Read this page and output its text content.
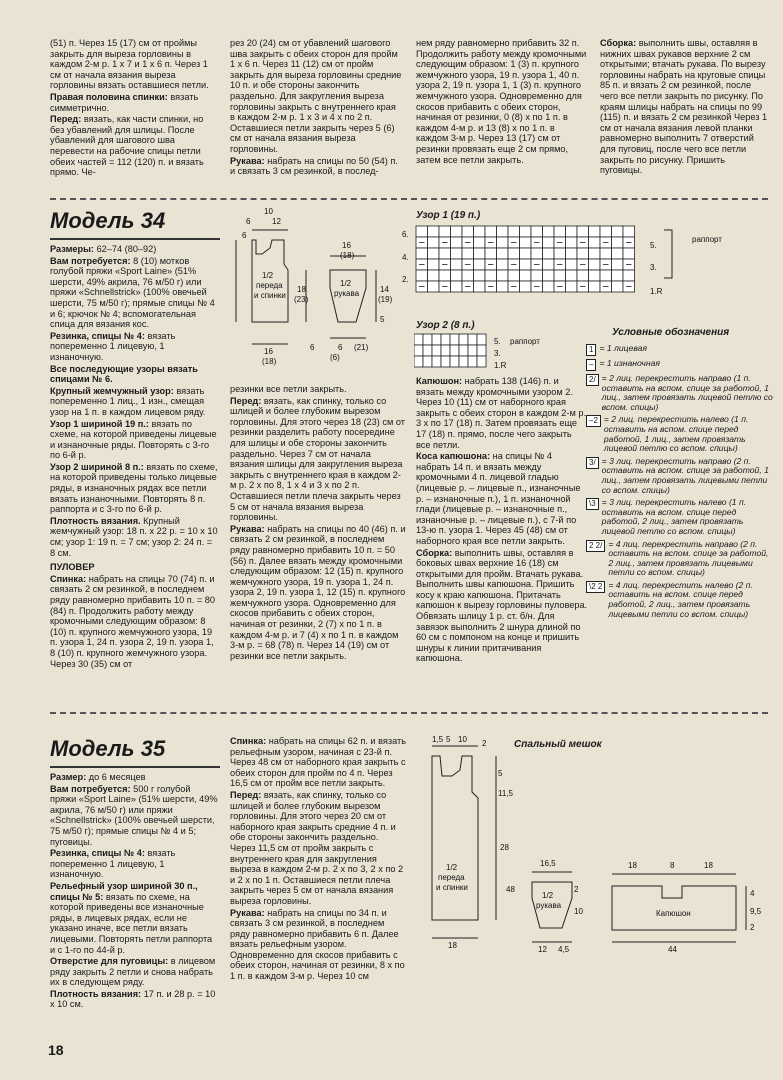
(51) п. Через 15 (17) см от проймы закрыть для выреза горловины в каждом 2-м р. 1 x 7 и 1 x 6 п. Через 1 см от начала вязания выреза горловины вязать оставшиеся петли.

Правая половина спинки: вязать симметрично.

Перед: вязать, как части спинки, но без убавлений для шлицы. После убавлений для шагового шва перевести на рабочие спицы петли обеих частей = 112 (120) п. и вязать прямо. Че-

рез 20 (24) см от убавлений шагового шва закрыть с обеих сторон для пройм 1 x 6 п. Через 11 (12) см от пройм закрыть для выреза горловины средние 10 п. и обе стороны закончить раздельно. Для закругления выреза горловины закрыть с внутреннего края в каждом 2-м р. 1 x 3 и 4 x по 2 п. Оставшиеся петли закрыть через 5 (6) см от начала вязания выреза горловины.

Рукава: набрать на спицы по 50 (54) п. и связать 3 см резинкой, в послед-

нем ряду равномерно прибавить 32 п. Продолжить работу между кромочными следующим образом: 1 (3) п. крупного жемчужного узора, 19 п. узора 1, 40 п. узора 2, 19 п. узора 1, 1 (3) п. крупного жемчужного узора. Одновременно для скосов прибавить с обеих сторон, начиная от резинки, 0 (8) x по 1 п. в каждом 4-м р. и 13 (8) x по 1 п. в каждом 3-м р. Через 13 (17) см от резинки провязать еще 2 см прямо, затем все петли закрыть.

Сборка: выполнить швы, оставляя в нижних швах рукавов верхние 2 см открытыми; втачать рукава. По вырезу горловины набрать на круговые спицы 85 п. и вязать 2 см резинкой, после чего все петли закрыть по рисунку. По краям шлицы набрать на спицы по 99 (115) п. и вязать 2 см резинкой Через 1 см от начала вязания левой планки равномерно выполнить 7 отверстий для пуговиц, после чего все петли закрыть по рисунку. Пришить пуговицы.

Модель 34

Размеры: 62–74 (80–92)

Вам потребуется: 8 (10) мотков голубой пряжи «Sport Laine» (51% шерсти, 49% акрила, 76 м/50 г) или пряжи «Schnellstrick» (100% овечьей шерсти, 75 м/50 г); прямые спицы № 4 и 6; крючок № 4; вспомогательная спица для вязания кос.

Резинка, спицы № 4: вязать попеременно 1 лицевую, 1 изнаночную.

Все последующие узоры вязать спицами № 6.

Крупный жемчужный узор: вязать попеременно 1 лиц., 1 изн., смещая узор на 1 п. в каждом лицевом ряду.

Узор 1 шириной 19 п.: вязать по схеме, на которой приведены лицевые и изнаночные ряды. Повторять с 3-го по 6-й р.

Узор 2 шириной 8 п.: вязать по схеме, на которой приведены только лицевые ряды, в изнаночных рядах все петли вязать изнаночными. Повторять 8 п. раппорта и с 3-го по 6-й р.

Плотность вязания. Крупный жемчужный узор: 18 п. x 22 р. = 10 x 10 см; узор 1: 19 п. = 7 см; узор 2: 24 п. = 8 см.

ПУЛОВЕР

Спинка: набрать на спицы 70 (74) п. и связать 2 см резинкой, в последнем ряду равномерно прибавить 10 п. = 80 (84) п. Продолжить работу между кромочными следующим образом: 8 (10) п. крупного жемчужного узора, 19 п. узора 1, 24 п. узора 2, 19 п. узора 1, 8 (10) п. крупного жемчужного узора. Через 30 (35) см от

10
6	12
6
18
(23)
16
(18)
16
(18)
14
(19)
5
6	6 (21)
(6)
1/2
переда
и спинки
1/2
рукава

резинки все петли закрыть.

Перед: вязать, как спинку, только со шлицей и более глубоким вырезом горловины. Для этого через 18 (23) см от резинки разделить работу посередине для шлицы и обе стороны закончить раздельно. Через 7 см от начала вязания шлицы для закругления выреза закрыть с внутреннего края в каждом 2-м р. 2 x по 8, 1 x 4 и 3 x по 2 п. Оставшиеся петли плеча закрыть через 5 см от начала вязания выреза горловины.

Рукава: набрать на спицы по 40 (46) п. и связать 2 см резинкой, в последнем ряду равномерно прибавить 10 п. = 50 (56) п. Далее вязать между кромочными следующим образом: 12 (15) п. крупного жемчужного узора, 19 п. узора 1, 24 п. узора 2, 19 п. узора 1, 12 (15) п. крупного жемчужного узора. Одновременно для скосов прибавить с обеих сторон, начиная от резинки, 2 (7) x по 1 п. в каждом 4-м р. и 7 (4) x по 1 п. в каждом 3-м р. = 68 (78) п. Через 14 (19) см от резинки все петли закрыть.

Узор 1 (19 п.)
6.
4.
2.
5.
3.
1.R
раппорт
Узор 2 (8 п.)
5. раппорт
3.
1.R

Капюшон: набрать 138 (146) п. и вязать между кромочными узором 2. Через 10 (11) см от наборного края закрыть с обеих сторон в каждом 2-м р. 3 x по 17 (18) п. Затем провязать еще 17 (18) п. прямо, после чего закрыть все петли.

Коса капюшона: на спицы № 4 набрать 14 п. и вязать между кромочными 4 п. лицевой гладью (лицевые р. – лицевые п., изнаночные р. – изнаночные п.), 1 п. изнаночной глади (лицевые р. – изнаночные п., изнаночные р. – лицевые п.), с 7-й по 13-ю п. узора 1. Через 45 (48) см от наборного края все петли закрыть.

Сборка: выполнить швы, оставляя в боковых швах верхние 16 (18) см открытыми для пройм. Втачать рукава. Выполнить швы капюшона. Пришить косу к краю капюшона. Притачать капюшон к вырезу горловины пуловера. Обвязать шлицу 1 р. ст. б/н. Для завязок выполнить 2 шнура длиной по 60 см с помпоном на конце и пришить шнуры к линии притачивания капюшона.

Условные обозначения
1 = 1 лицевая
– = 1 изнаночная
2/ = 2 лиц. перекрестить направо (1 п. оставить на вспом. спице за работой, 1 лиц., затем провязать лицевой петлю со вспом. спицы)
–2 = 2 лиц. перекрестить налево (1 п. оставить на вспом. спице перед работой, 1 лиц., затем провязать лицевой петлю со вспом. спицы)
3/ = 3 лиц. перекрестить направо (2 п. оставить на вспом. спице за работой, 1 лиц., затем провязать лицевыми петли со вспом. спицы)
\3 = 3 лиц. перекрестить налево (1 п. оставить на вспом. спице перед работой, 2 лиц., затем провязать лицевой петлю со вспом. спицы)
2 2/ = 4 лиц. перекрестить направо (2 п. оставить на вспом. спице за работой, 2 лиц., затем провязать лицевыми петли со вспом. спицы)
\2 2 = 4 лиц. перекрестить налево (2 п. оставить на вспом. спице перед работой, 2 лиц., затем провязать лицевыми петли со вспом. спицы)
Модель 35

Размер: до 6 месяцев

Вам потребуется: 500 г голубой пряжи «Sport Laine» (51% шерсти, 49% акрила, 76 м/50 г) или пряжи «Schnellstrick» (100% овечьей шерсти, 75 м/50 г); прямые спицы № 4 и 5; пуговицы.

Резинка, спицы № 4: вязать попеременно 1 лицевую, 1 изнаночную.

Рельефный узор шириной 30 п., спицы № 5: вязать по схеме, на которой приведены все изнаночные ряды, в лицевых рядах, если не указано иначе, все петли вязать лицевыми. Повторять петли раппорта и с 1-го по 44-й р.

Отверстие для пуговицы: в лицевом ряду закрыть 2 петли и снова набрать их в следующем ряду.

Плотность вязания: 17 п. и 28 р. = 10 x 10 см.

Спинка: набрать на спицы 62 п. и вязать рельефным узором, начиная с 23-й п. Через 48 см от наборного края закрыть с обеих сторон для пройм по 4 п. Через 16,5 см от пройм все петли закрыть.

Перед: вязать, как спинку, только со шлицей и более глубоким вырезом горловины. Для этого через 20 см от наборного края закрыть средние 4 п. и обе стороны закончить раздельно. Через 11,5 см от пройм закрыть с внутреннего края для закругления выреза в каждом 2-м р. 2 x по 3, 2 x по 2 и 2 x по 1 п. Оставшиеся петли плеча закрыть через 5 см от начала вязания выреза горловины.

Рукава: набрать на спицы по 34 п. и связать 3 см резинкой, в последнем ряду равномерно прибавить 6 п. Далее вязать рельефным узором. Одновременно для скосов прибавить с обеих сторон, начиная от резинки, 8 x по 1 п. в каждом 3-м р. Через 10 см

Спальный мешок
1,5 5 10 2
5
11,5
28
48
18
16,5
2
10
12 4,5
18	8	18
4
9,5
2
44
1/2
переда
и спинки
1/2
рукава
Капюшон
18
